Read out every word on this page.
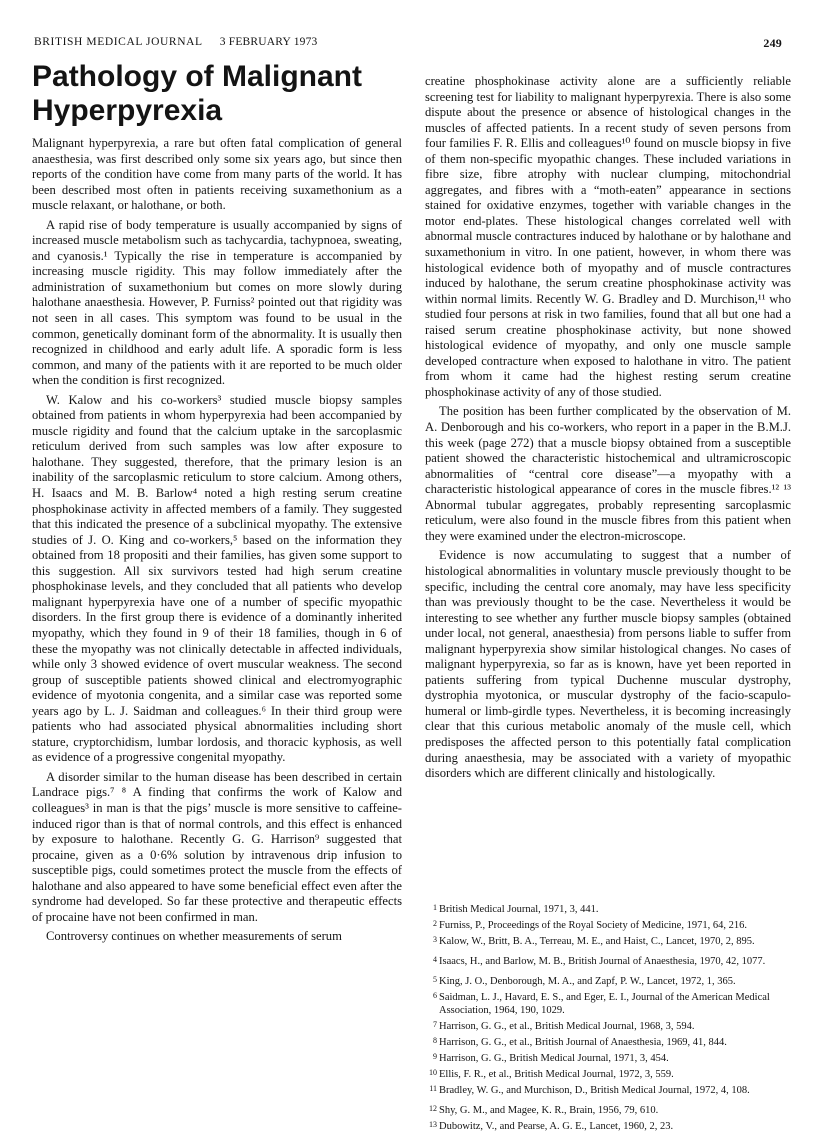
BRITISH MEDICAL JOURNAL 3 FEBRUARY 1973	249
Pathology of Malignant Hyperpyrexia

Malignant hyperpyrexia, a rare but often fatal complication of general anaesthesia, was first described only some six years ago, but since then reports of the condition have come from many parts of the world. It has been described most often in patients receiving suxamethonium as a muscle relaxant, or halothane, or both.

A rapid rise of body temperature is usually accompanied by signs of increased muscle metabolism such as tachycardia, tachypnoea, sweating, and cyanosis.¹ Typically the rise in temperature is accompanied by increasing muscle rigidity. This may follow immediately after the administration of suxamethonium but comes on more slowly during halothane anaesthesia. However, P. Furniss² pointed out that rigidity was not seen in all cases. This symptom was found to be usual in the common, genetically dominant form of the abnormality. It is usually then recognized in childhood and early adult life. A sporadic form is less common, and many of the patients with it are reported to be much older when the condition is first recognized.

W. Kalow and his co-workers³ studied muscle biopsy samples obtained from patients in whom hyperpyrexia had been accompanied by muscle rigidity and found that the calcium uptake in the sarcoplasmic reticulum derived from such samples was low after exposure to halothane. They suggested, therefore, that the primary lesion is an inability of the sarcoplasmic reticulum to store calcium. Among others, H. Isaacs and M. B. Barlow⁴ noted a high resting serum creatine phosphokinase activity in affected members of a family. They suggested that this indicated the presence of a subclinical myopathy. The extensive studies of J. O. King and co-workers,⁵ based on the information they obtained from 18 propositi and their families, has given some support to this suggestion. All six survivors tested had high serum creatine phosphokinase levels, and they concluded that all patients who develop malignant hyperpyrexia have one of a number of specific myopathic disorders. In the first group there is evidence of a dominantly inherited myopathy, which they found in 9 of their 18 families, though in 6 of these the myopathy was not clinically detectable in affected individuals, while only 3 showed evidence of overt muscular weakness. The second group of susceptible patients showed clinical and electromyographic evidence of myotonia congenita, and a similar case was reported some years ago by L. J. Saidman and colleagues.⁶ In their third group were patients who had associated physical abnormalities including short stature, cryptorchidism, lumbar lordosis, and thoracic kyphosis, as well as evidence of a progressive congenital myopathy.

A disorder similar to the human disease has been described in certain Landrace pigs.⁷ ⁸ A finding that confirms the work of Kalow and colleagues³ in man is that the pigs’ muscle is more sensitive to caffeine-induced rigor than is that of normal controls, and this effect is enhanced by exposure to halothane. Recently G. G. Harrison⁹ suggested that procaine, given as a 0·6% solution by intravenous drip infusion to susceptible pigs, could sometimes protect the muscle from the effects of halothane and also appeared to have some beneficial effect even after the syndrome had developed. So far these protective and therapeutic effects of procaine have not been confirmed in man.

Controversy continues on whether measurements of serum

creatine phosphokinase activity alone are a sufficiently reliable screening test for liability to malignant hyperpyrexia. There is also some dispute about the presence or absence of histological changes in the muscles of affected patients. In a recent study of seven persons from four families F. R. Ellis and colleagues¹⁰ found on muscle biopsy in five of them non-specific myopathic changes. These included variations in fibre size, fibre atrophy with nuclear clumping, mitochondrial aggregates, and fibres with a “moth-eaten” appearance in sections stained for oxidative enzymes, together with variable changes in the motor end-plates. These histological changes correlated well with abnormal muscle contractures induced by halothane or by halothane and suxamethonium in vitro. In one patient, however, in whom there was histological evidence both of myopathy and of muscle contractures induced by halothane, the serum creatine phosphokinase activity was within normal limits. Recently W. G. Bradley and D. Murchison,¹¹ who studied four persons at risk in two families, found that all but one had a raised serum creatine phosphokinase activity, but none showed histological evidence of myopathy, and only one muscle sample developed contracture when exposed to halothane in vitro. The patient from whom it came had the highest resting serum creatine phosphokinase activity of any of those studied.

The position has been further complicated by the observation of M. A. Denborough and his co-workers, who report in a paper in the B.M.J. this week (page 272) that a muscle biopsy obtained from a susceptible patient showed the characteristic histochemical and ultramicroscopic abnormalities of “central core disease”—a myopathy with a characteristic histological appearance of cores in the muscle fibres.¹² ¹³ Abnormal tubular aggregates, probably representing sarcoplasmic reticulum, were also found in the muscle fibres from this patient when they were examined under the electron-microscope.

Evidence is now accumulating to suggest that a number of histological abnormalities in voluntary muscle previously thought to be specific, including the central core anomaly, may have less specificity than was previously thought to be the case. Nevertheless it would be interesting to see whether any further muscle biopsy samples (obtained under local, not general, anaesthesia) from persons liable to suffer from malignant hyperpyrexia show similar histological changes. No cases of malignant hyperpyrexia, so far as is known, have yet been reported in patients suffering from typical Duchenne muscular dystrophy, dystrophia myotonica, or muscular dystrophy of the facio-scapulo-humeral or limb-girdle types. Nevertheless, it is becoming increasingly clear that this curious metabolic anomaly of the musle cell, which predisposes the affected person to this potentially fatal complication during anaesthesia, may be associated with a variety of myopathic disorders which are different clinically and histologically.

1 British Medical Journal, 1971, 3, 441.
2 Furniss, P., Proceedings of the Royal Society of Medicine, 1971, 64, 216.
3 Kalow, W., Britt, B. A., Terreau, M. E., and Haist, C., Lancet, 1970, 2, 895.
4 Isaacs, H., and Barlow, M. B., British Journal of Anaesthesia, 1970, 42, 1077.
5 King, J. O., Denborough, M. A., and Zapf, P. W., Lancet, 1972, 1, 365.
6 Saidman, L. J., Havard, E. S., and Eger, E. I., Journal of the American Medical Association, 1964, 190, 1029.
7 Harrison, G. G., et al., British Medical Journal, 1968, 3, 594.
8 Harrison, G. G., et al., British Journal of Anaesthesia, 1969, 41, 844.
9 Harrison, G. G., British Medical Journal, 1971, 3, 454.
10 Ellis, F. R., et al., British Medical Journal, 1972, 3, 559.
11 Bradley, W. G., and Murchison, D., British Medical Journal, 1972, 4, 108.
12 Shy, G. M., and Magee, K. R., Brain, 1956, 79, 610.
13 Dubowitz, V., and Pearse, A. G. E., Lancet, 1960, 2, 23.
